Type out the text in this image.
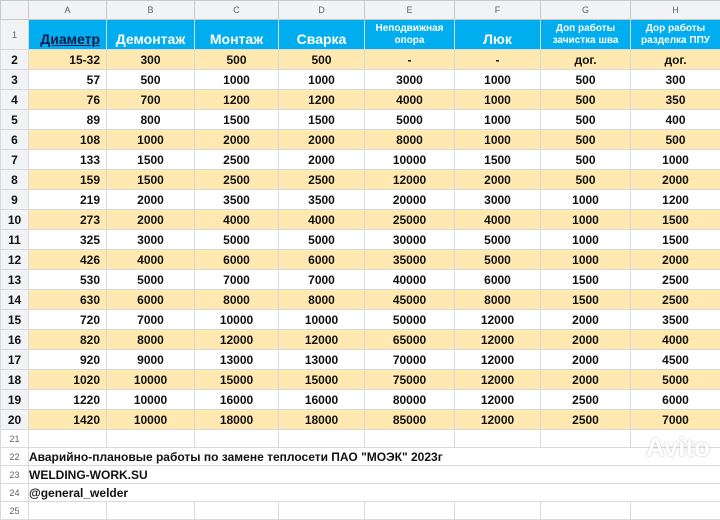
	A	B	C	D	E	F	G	H
1	Диаметр	Демонтаж	Монтаж	Сварка	Неподвижная опора	Люк	Доп работы зачистка шва	Дор работы разделка ППУ
2	15-32	300	500	500	-	-	дог.	дог.
3	57	500	1000	1000	3000	1000	500	300
4	76	700	1200	1200	4000	1000	500	350
5	89	800	1500	1500	5000	1000	500	400
6	108	1000	2000	2000	8000	1000	500	500
7	133	1500	2500	2000	10000	1500	500	1000
8	159	1500	2500	2500	12000	2000	500	2000
9	219	2000	3500	3500	20000	3000	1000	1200
10	273	2000	4000	4000	25000	4000	1000	1500
11	325	3000	5000	5000	30000	5000	1000	1500
12	426	4000	6000	6000	35000	5000	1000	2000
13	530	5000	7000	7000	40000	6000	1500	2500
14	630	6000	8000	8000	45000	8000	1500	2500
15	720	7000	10000	10000	50000	12000	2000	3500
16	820	8000	12000	12000	65000	12000	2000	4000
17	920	9000	13000	13000	70000	12000	2000	4500
18	1020	10000	15000	15000	75000	12000	2000	5000
19	1220	10000	16000	16000	80000	12000	2500	6000
20	1420	10000	18000	18000	85000	12000	2500	7000
21								
22	Аварийно-плановые работы по замене теплосети ПАО "МОЭК" 2023г							
23	WELDING-WORK.SU							
24	@general_welder							
25								
Avito
